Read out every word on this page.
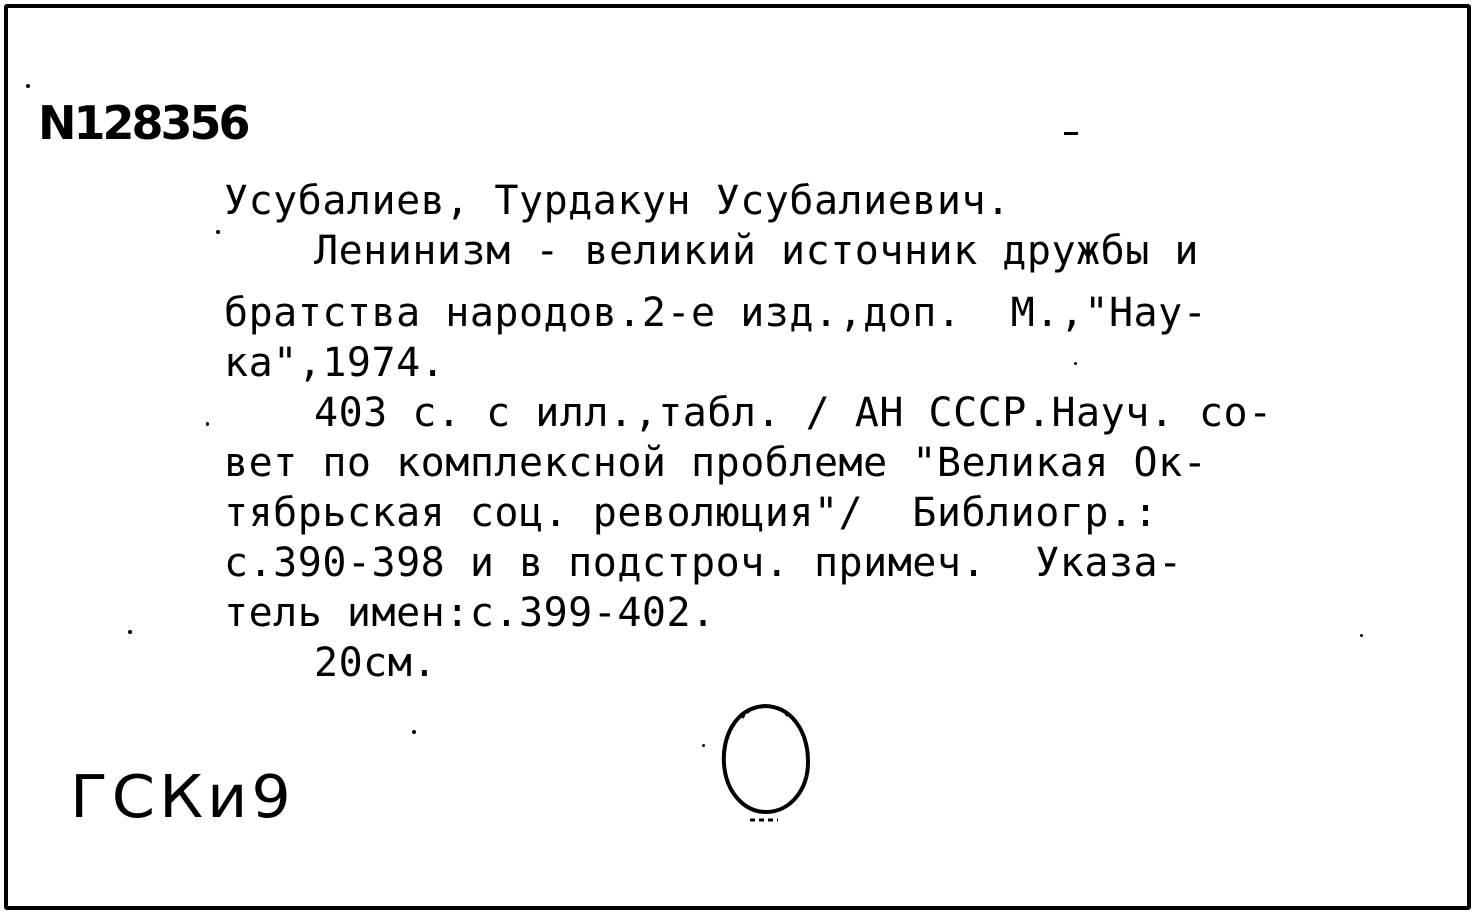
N128356
Усубалиев, Турдакун Усубалиевич.
Ленинизм - великий источник дружбы и
братства народов.2-е изд.,доп.  М.,"Нау-
ка",1974.
403 с. с илл.,табл. / АН СССР.Науч. со-
вет по комплексной проблеме "Великая Ок-
тябрьская соц. революция"/  Библиогр.:
с.390-398 и в подстроч. примеч.  Указа-
тель имен:с.399-402.
20см.
ГСКи9
